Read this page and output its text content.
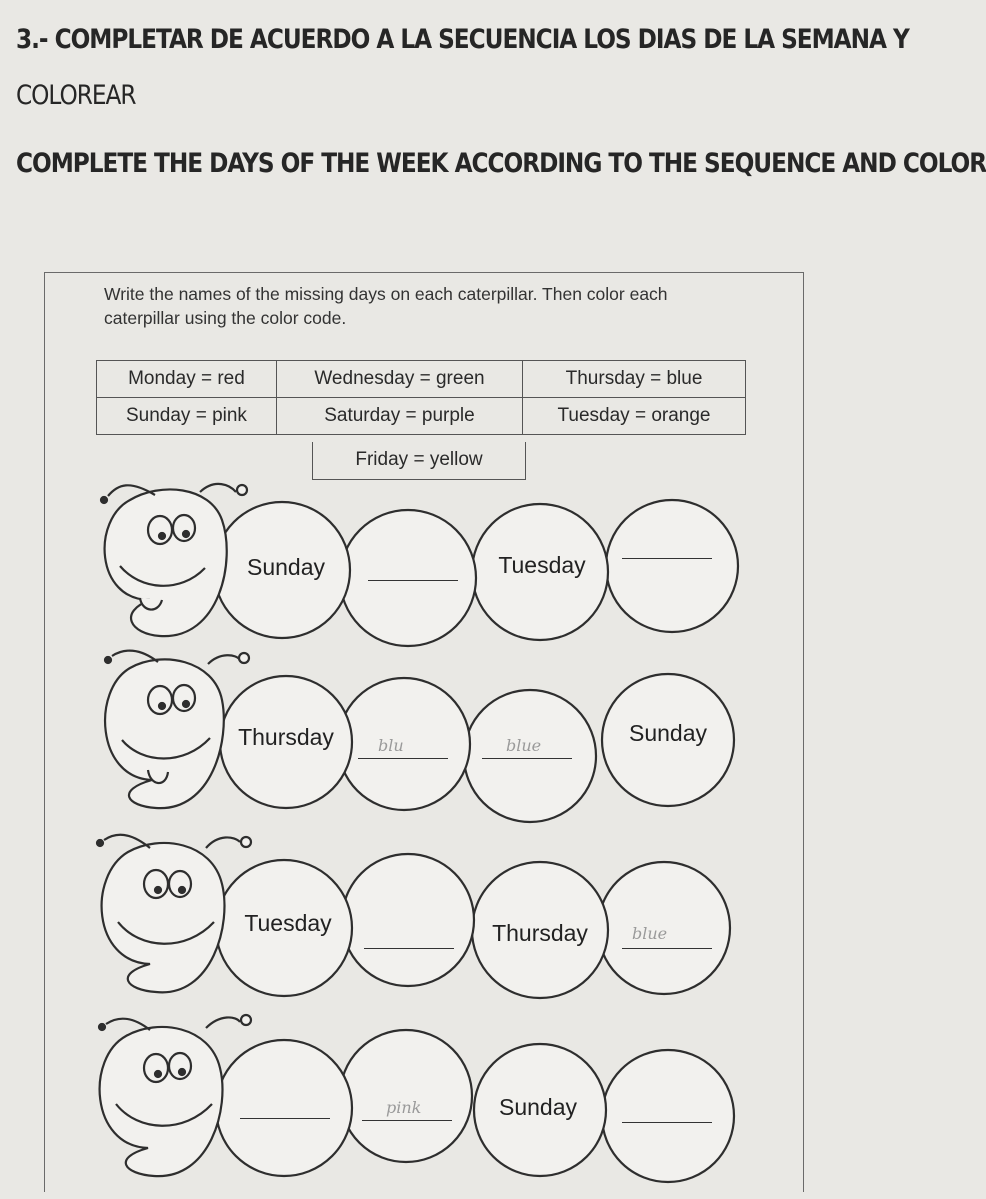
3.- COMPLETAR DE ACUERDO A LA SECUENCIA LOS DIAS DE LA SEMANA Y
COLOREAR
COMPLETE THE DAYS OF THE WEEK ACCORDING TO THE SEQUENCE AND COLOR

Write the names of the missing days on each caterpillar. Then color each caterpillar using the color code.

Monday = red	Wednesday = green	Thursday = blue
Sunday = pink	Saturday = purple	Tuesday = orange
Friday = yellow
Sunday	Tuesday
Thursday	blu	blue	Sunday
Tuesday	Thursday	blue
pink	Sunday
